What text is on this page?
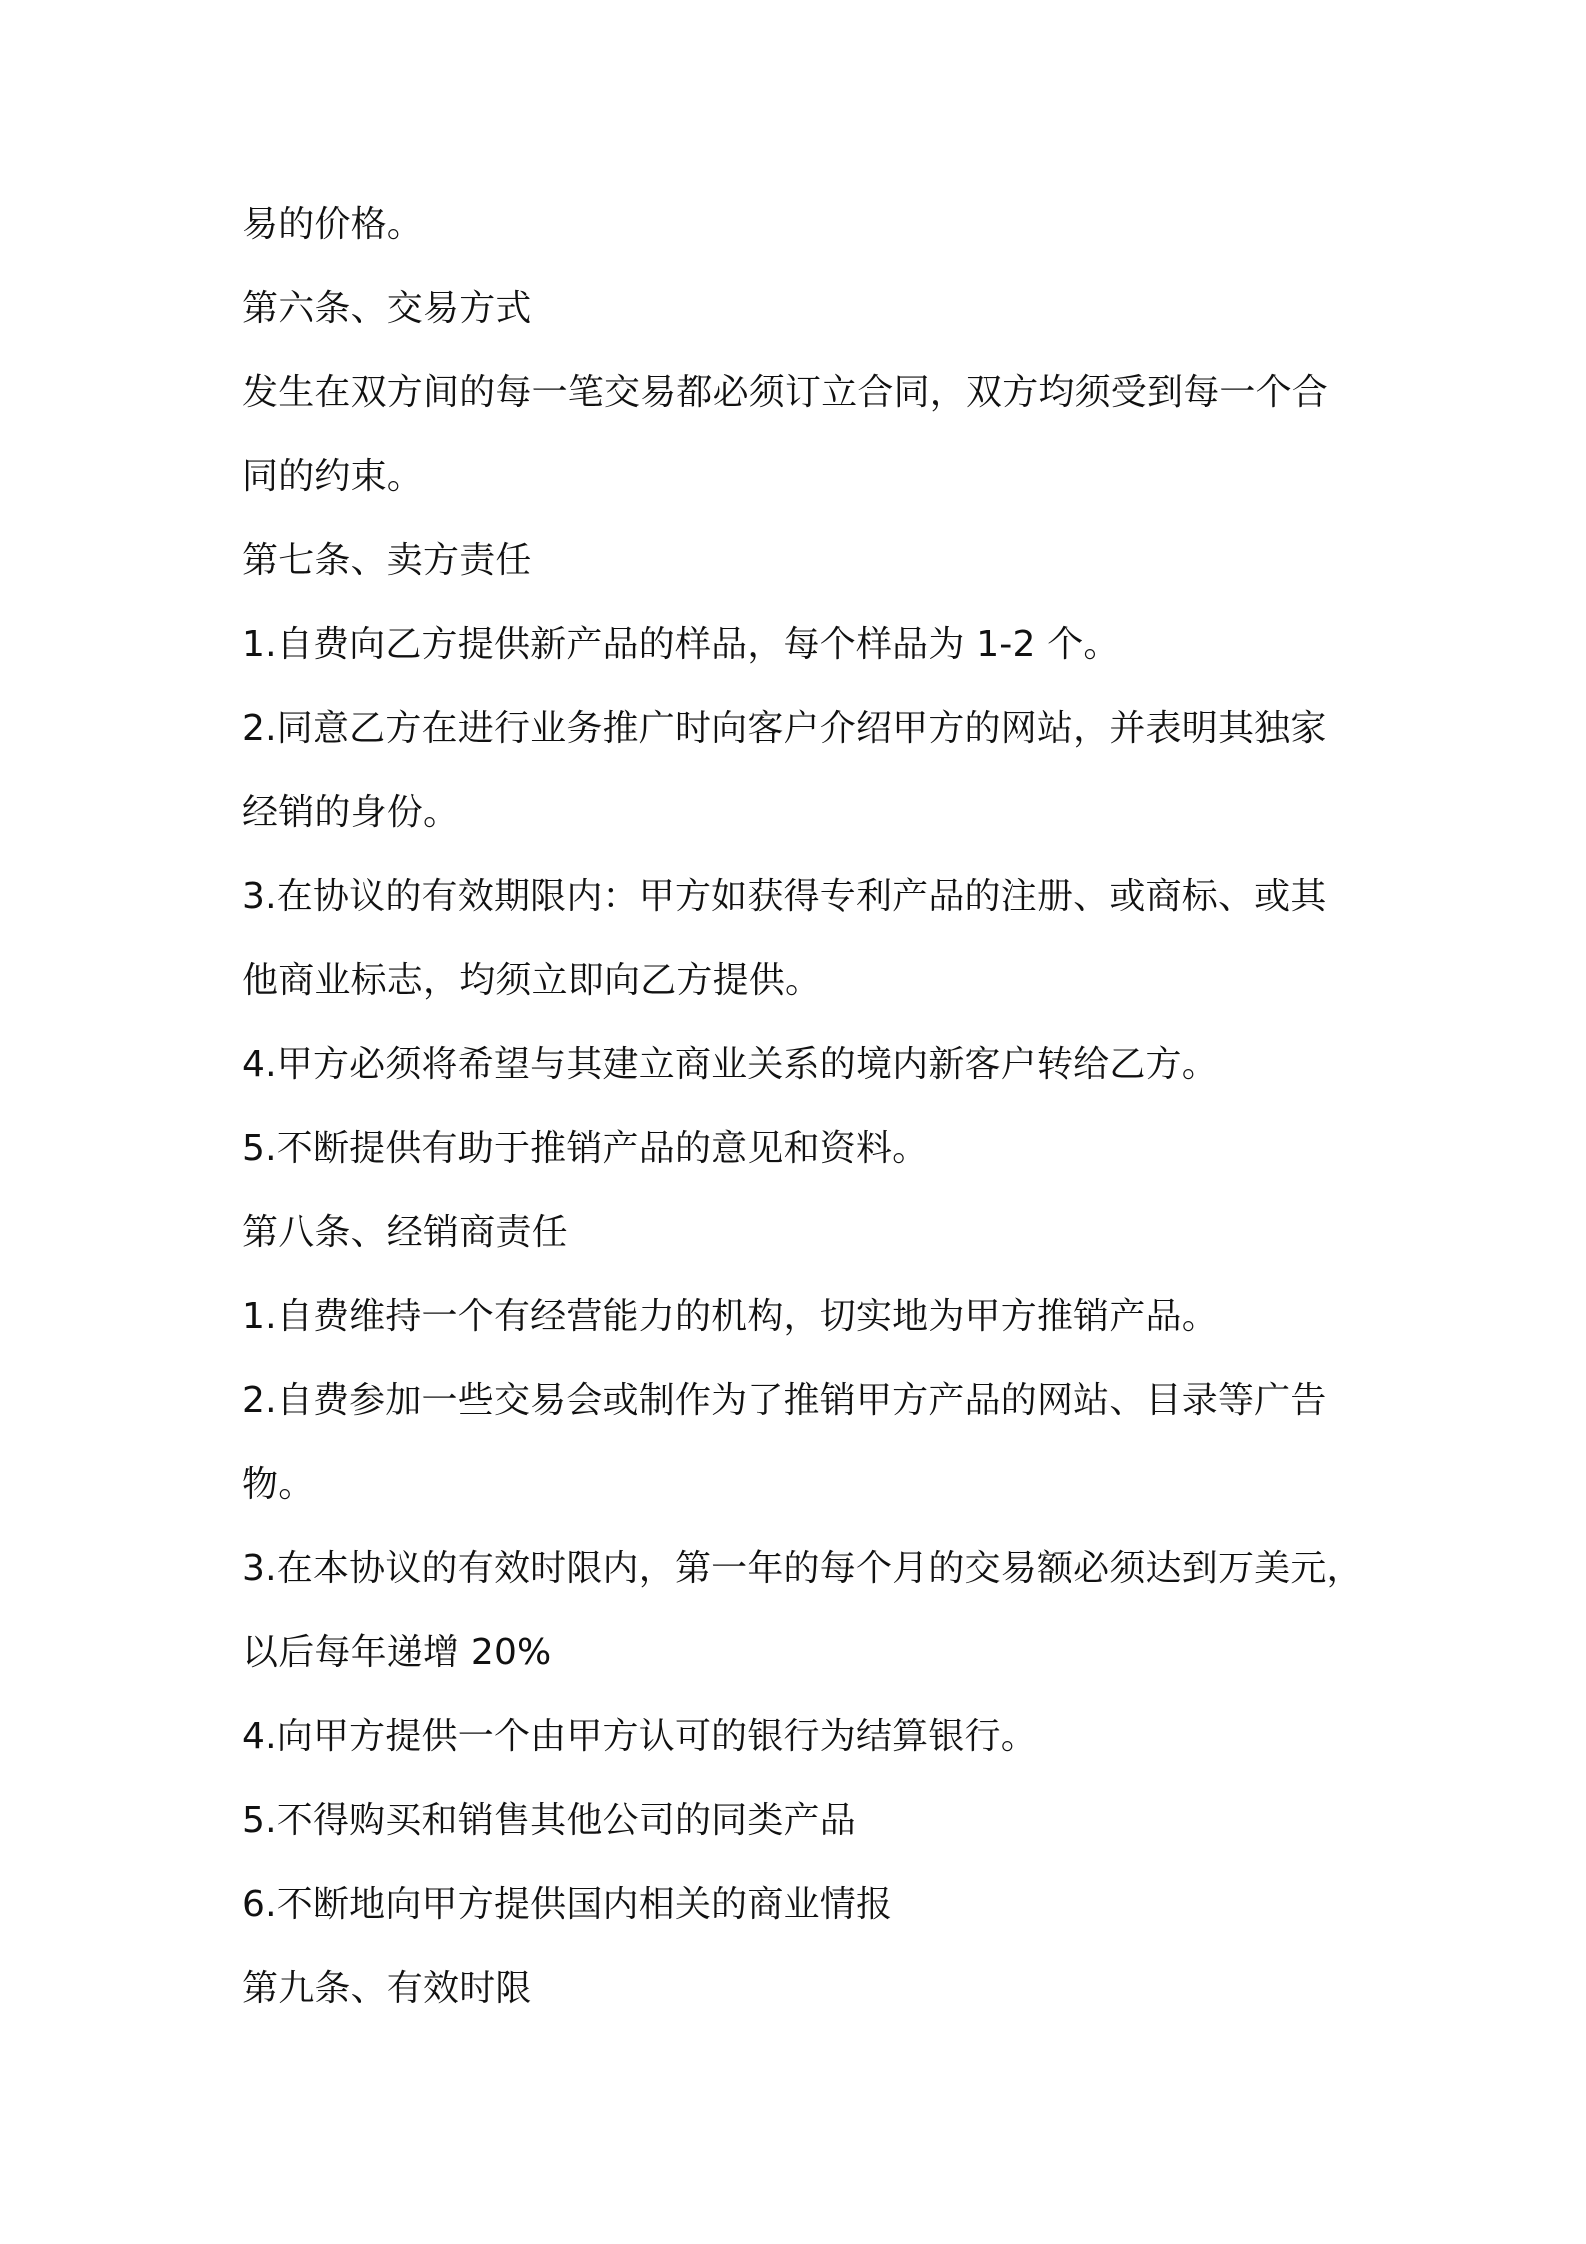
易的价格。

第六条、交易方式

发生在双方间的每一笔交易都必须订立合同，双方均须受到每一个合

同的约束。

第七条、卖方责任

1.自费向乙方提供新产品的样品，每个样品为 1-2 个。

2.同意乙方在进行业务推广时向客户介绍甲方的网站，并表明其独家

经销的身份。

3.在协议的有效期限内：甲方如获得专利产品的注册、或商标、或其

他商业标志，均须立即向乙方提供。

4.甲方必须将希望与其建立商业关系的境内新客户转给乙方。

5.不断提供有助于推销产品的意见和资料。

第八条、经销商责任

1.自费维持一个有经营能力的机构，切实地为甲方推销产品。

2.自费参加一些交易会或制作为了推销甲方产品的网站、目录等广告

物。

3.在本协议的有效时限内，第一年的每个月的交易额必须达到万美元，

以后每年递增 20%

4.向甲方提供一个由甲方认可的银行为结算银行。

5.不得购买和销售其他公司的同类产品

6.不断地向甲方提供国内相关的商业情报

第九条、有效时限
